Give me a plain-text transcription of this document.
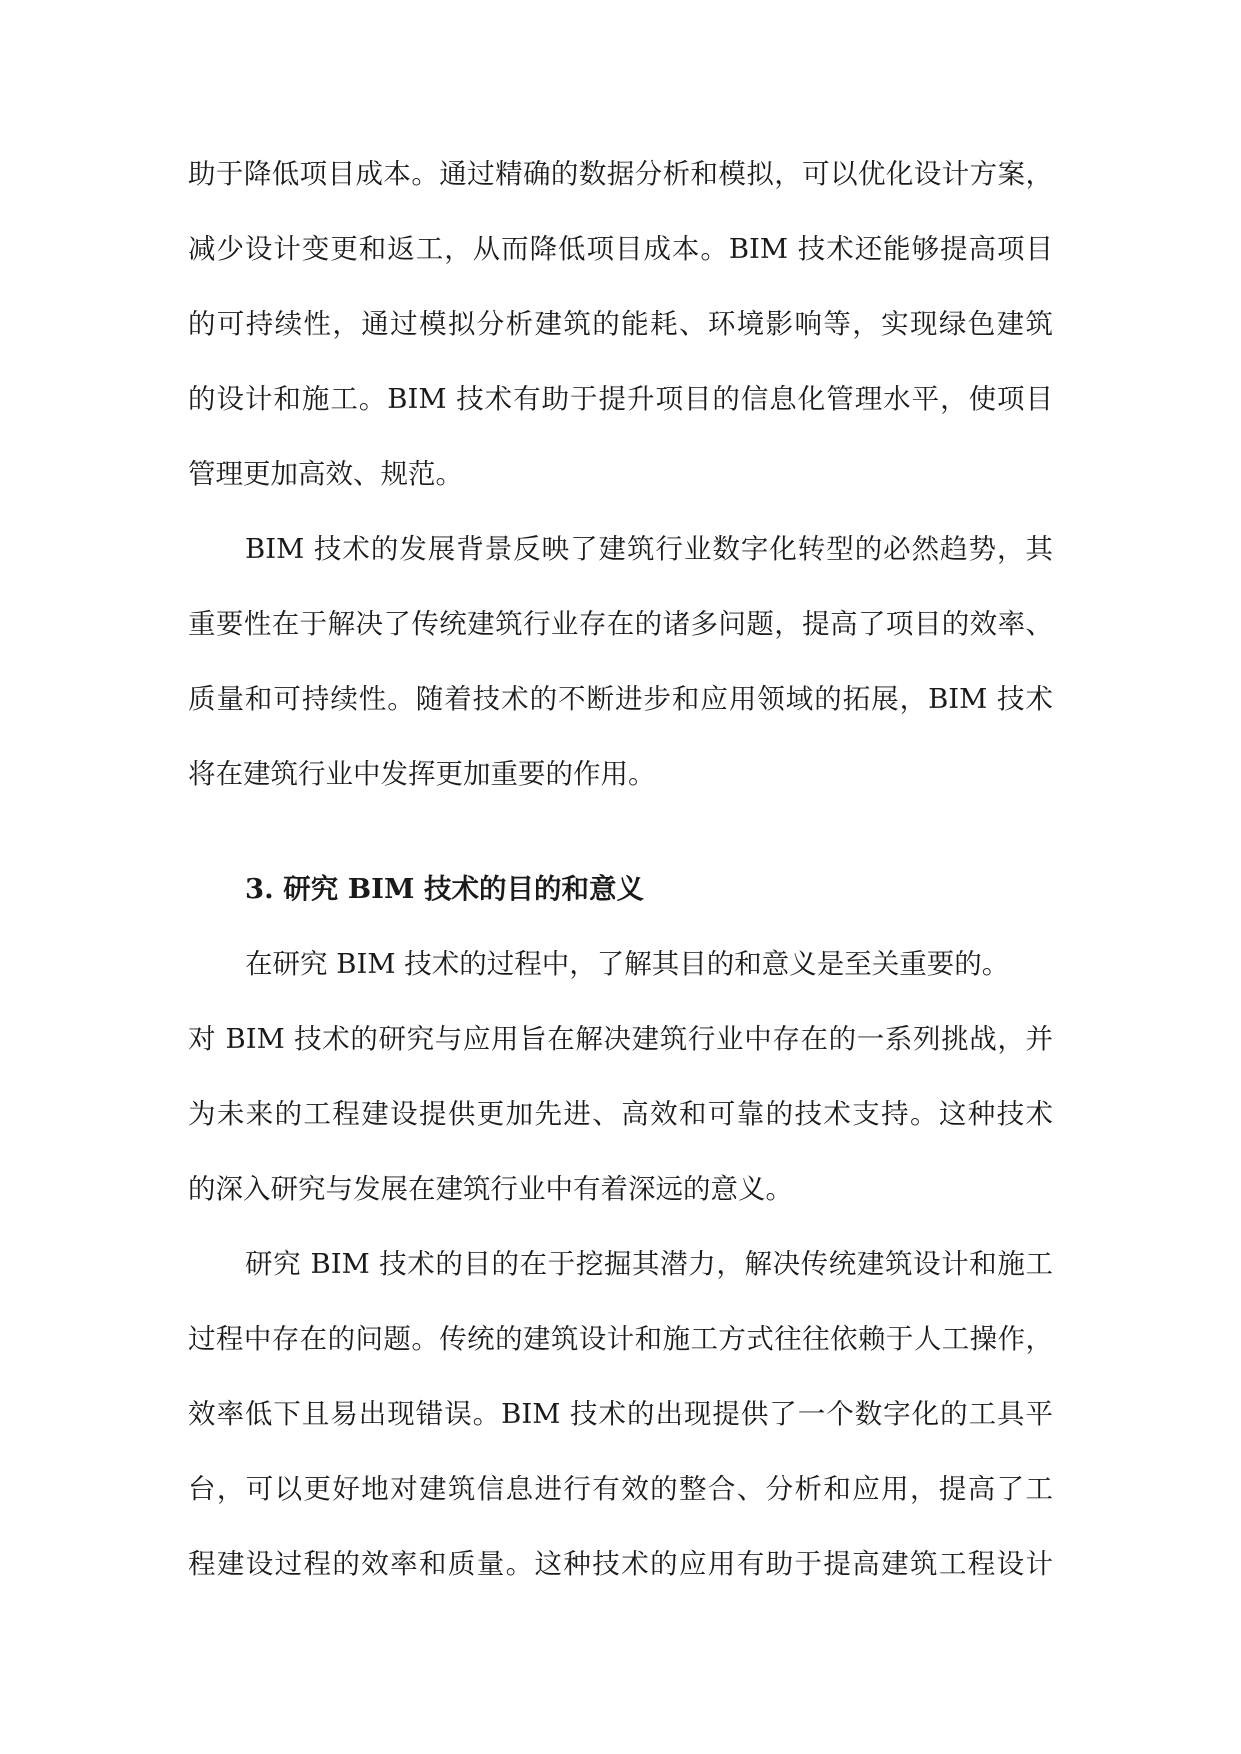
助于降低项目成本。通过精确的数据分析和模拟，可以优化设计方案，
减少设计变更和返工，从而降低项目成本。BIM 技术还能够提高项目
的可持续性，通过模拟分析建筑的能耗、环境影响等，实现绿色建筑
的设计和施工。BIM 技术有助于提升项目的信息化管理水平，使项目
管理更加高效、规范。
BIM 技术的发展背景反映了建筑行业数字化转型的必然趋势，其
重要性在于解决了传统建筑行业存在的诸多问题，提高了项目的效率、
质量和可持续性。随着技术的不断进步和应用领域的拓展，BIM 技术
将在建筑行业中发挥更加重要的作用。
3. 研究 BIM 技术的目的和意义
在研究 BIM 技术的过程中，了解其目的和意义是至关重要的。
对 BIM 技术的研究与应用旨在解决建筑行业中存在的一系列挑战，并
为未来的工程建设提供更加先进、高效和可靠的技术支持。这种技术
的深入研究与发展在建筑行业中有着深远的意义。
研究 BIM 技术的目的在于挖掘其潜力，解决传统建筑设计和施工
过程中存在的问题。传统的建筑设计和施工方式往往依赖于人工操作，
效率低下且易出现错误。BIM 技术的出现提供了一个数字化的工具平
台，可以更好地对建筑信息进行有效的整合、分析和应用，提高了工
程建设过程的效率和质量。这种技术的应用有助于提高建筑工程设计
